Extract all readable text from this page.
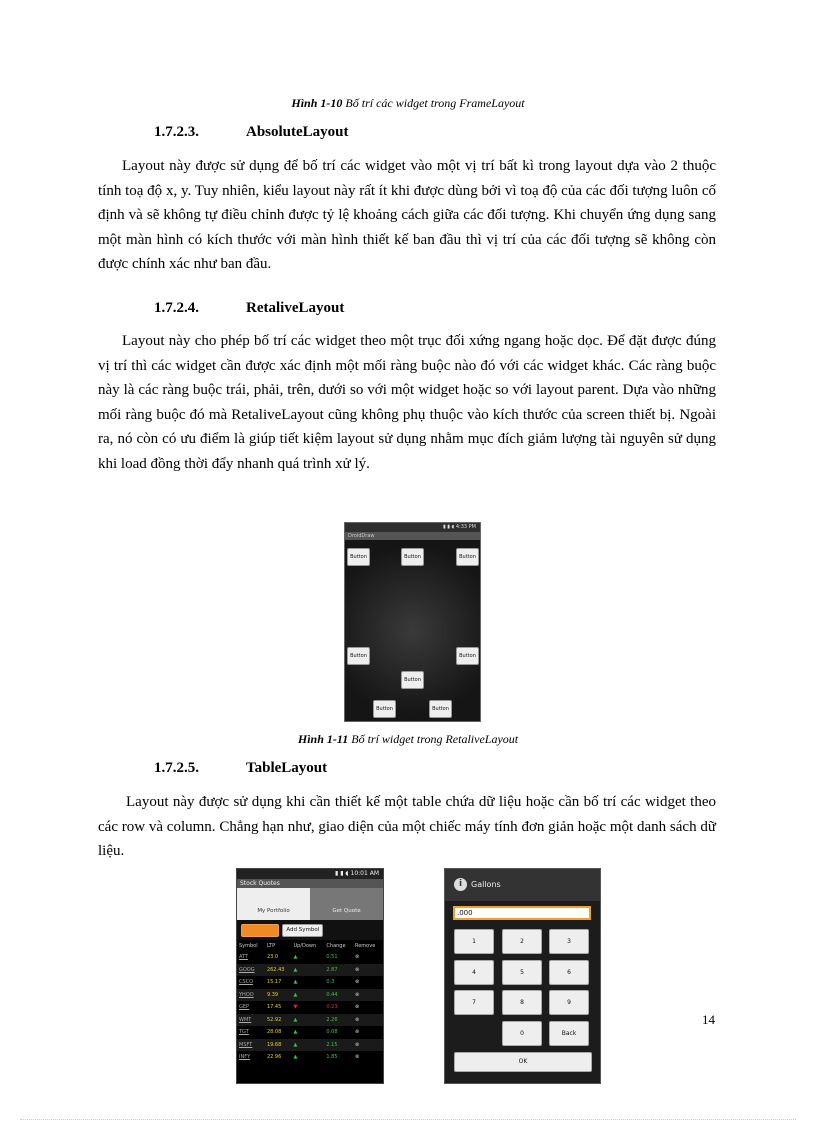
Hình 1-10 Bố trí các widget trong FrameLayout
1.7.2.3.	AbsoluteLayout
Layout này được sử dụng để bố trí các widget vào một vị trí bất kì trong layout dựa vào 2 thuộc tính toạ độ x, y. Tuy nhiên, kiểu layout này rất ít khi được dùng bởi vì toạ độ của các đối tượng luôn cố định và sẽ không tự điều chỉnh được tỷ lệ khoảng cách giữa các đối tượng. Khi chuyển ứng dụng sang một màn hình có kích thước với màn hình thiết kế ban đầu thì vị trí của các đối tượng sẽ không còn được chính xác như ban đầu.
1.7.2.4.	RetaliveLayout
Layout này cho phép bố trí các widget theo một trục đối xứng ngang hoặc dọc. Để đặt được đúng vị trí thì các widget cần được xác định một mối ràng buộc nào đó với các widget khác. Các ràng buộc này là các ràng buộc trái, phải, trên, dưới so với một widget hoặc so với layout parent. Dựa vào những mối ràng buộc đó mà RetaliveLayout cũng không phụ thuộc vào kích thước của screen thiết bị. Ngoài ra, nó còn có ưu điểm là giúp tiết kiệm layout sử dụng nhằm mục đích giảm lượng tài nguyên sử dụng khi load đồng thời đẩy nhanh quá trình xử lý.
▮ ▮ ◖ 4:33 PM
DroidDraw
Button	Button	Button
Button	Button
Button
Button	Button
Hình 1-11 Bố trí widget trong RetaliveLayout
1.7.2.5.	TableLayout
Layout này được sử dụng khi cần thiết kế một table chứa dữ liệu hoặc cần bố trí các widget theo các row và column. Chẳng hạn như, giao diện của một chiếc máy tính đơn giản hoặc một danh sách dữ liệu.
▮ ▮ ◖ 10:01 AM
Stock Quotes
My Portfolio	Get Quote
Buy Stocks	Add Symbol
Symbol	LTP	Up/Down	Change	Remove
ATT	23.0	▲	0.51	⊗
GOOG	262.43	▲	2.87	⊗
CSCO	15.17	▲	0.3	⊗
YHOO	9.39	▲	0.44	⊗
GEP	17.45	▼	0.23	⊗
WMT	52.92	▲	2.26	⊗
TGT	28.08	▲	0.08	⊗
MSFT	19.68	▲	2.15	⊗
INFY	22.96	▲	1.85	⊗
i	Gallons
.000
1	2	3
4	5	6
7	8	9
0	Back
OK
14
